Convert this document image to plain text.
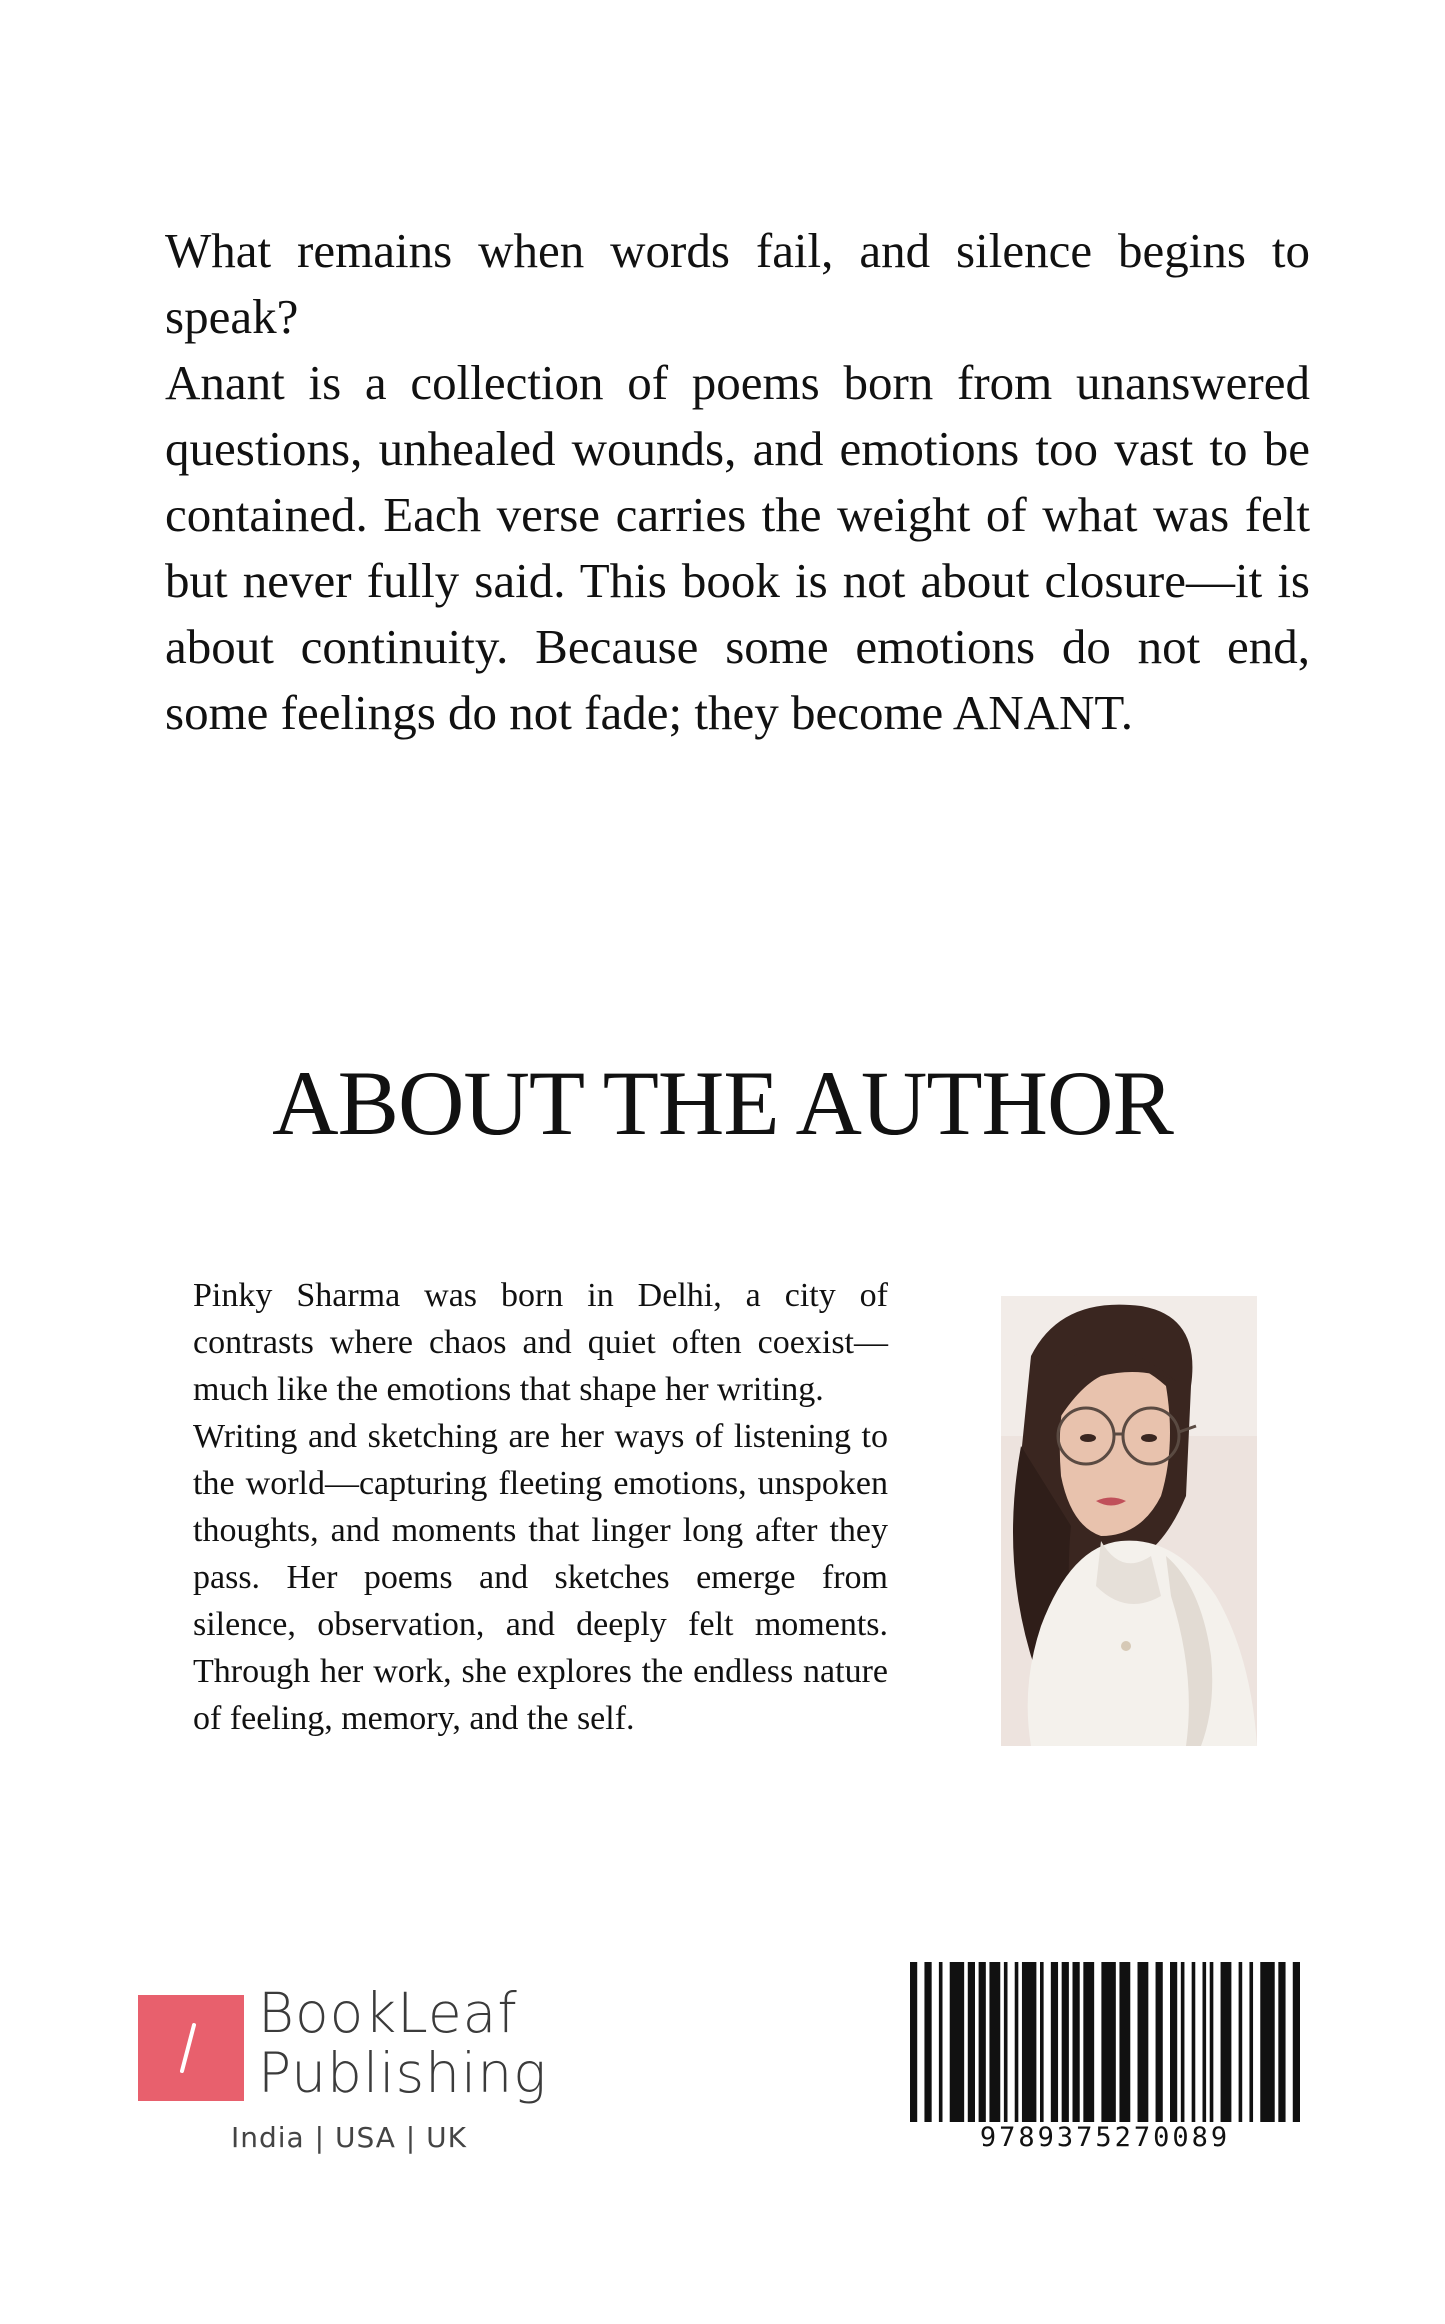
What remains when words fail, and silence begins to speak?

Anant is a collection of poems born from unanswered questions, unhealed wounds, and emotions too vast to be contained. Each verse carries the weight of what was felt but never fully said. This book is not about closure—it is about continuity. Because some emotions do not end, some feelings do not fade; they become ANANT.

ABOUT THE AUTHOR

Pinky Sharma was born in Delhi, a city of contrasts where chaos and quiet often coexist—much like the emotions that shape her writing.

Writing and sketching are her ways of listening to the world—capturing fleeting emotions, unspoken thoughts, and moments that linger long after they pass. Her poems and sketches emerge from silence, observation, and deeply felt moments. Through her work, she explores the endless nature of feeling, memory, and the self.

BookLeaf
Publishing
India | USA | UK	9789375270089
